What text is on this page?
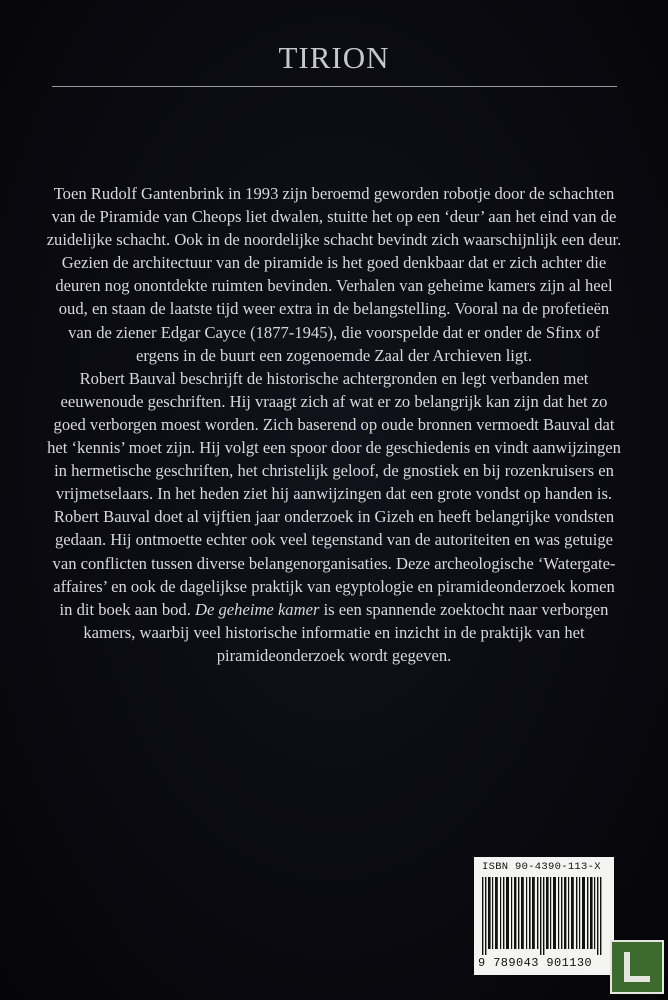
TIRION

Toen Rudolf Gantenbrink in 1993 zijn beroemd geworden robotje door de schachten van de Piramide van Cheops liet dwalen, stuitte het op een ‘deur’ aan het eind van de zuidelijke schacht. Ook in de noordelijke schacht bevindt zich waarschijnlijk een deur. Gezien de architectuur van de piramide is het goed denkbaar dat er zich achter die deuren nog onontdekte ruimten bevinden. Verhalen van geheime kamers zijn al heel oud, en staan de laatste tijd weer extra in de belangstelling. Vooral na de profetieën van de ziener Edgar Cayce (1877-1945), die voorspelde dat er onder de Sfinx of ergens in de buurt een zogenoemde Zaal der Archieven ligt.

Robert Bauval beschrijft de historische achtergronden en legt verbanden met eeuwenoude geschriften. Hij vraagt zich af wat er zo belangrijk kan zijn dat het zo goed verborgen moest worden. Zich baserend op oude bronnen vermoedt Bauval dat het ‘kennis’ moet zijn. Hij volgt een spoor door de geschiedenis en vindt aanwijzingen in hermetische geschriften, het christelijk geloof, de gnostiek en bij rozenkruisers en vrijmetselaars. In het heden ziet hij aanwijzingen dat een grote vondst op handen is.

Robert Bauval doet al vijftien jaar onderzoek in Gizeh en heeft belangrijke vondsten gedaan. Hij ontmoette echter ook veel tegenstand van de autoriteiten en was getuige van conflicten tussen diverse belangenorganisaties. Deze archeologische ‘Watergate-affaires’ en ook de dagelijkse praktijk van egyptologie en piramideonderzoek komen in dit boek aan bod. De geheime kamer is een spannende zoektocht naar verborgen kamers, waarbij veel historische informatie en inzicht in de praktijk van het piramideonderzoek wordt gegeven.

ISBN 90-4390-113-X
9 789043 901130
